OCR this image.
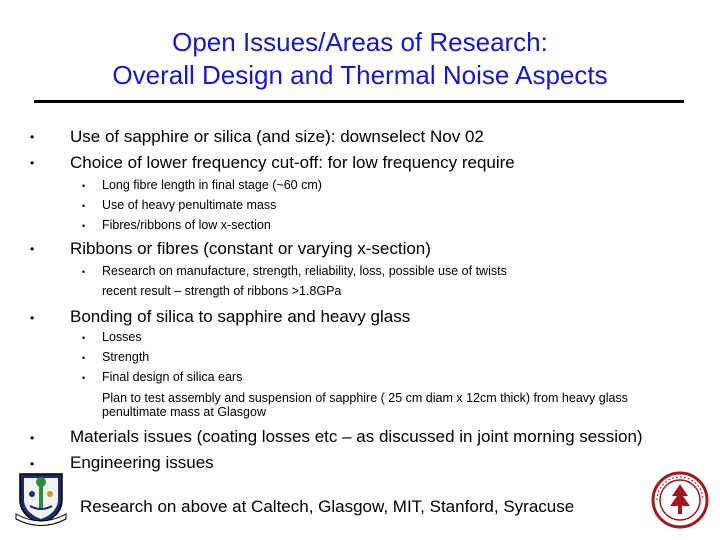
Open Issues/Areas of Research:
Overall Design and Thermal Noise Aspects
• Use of sapphire or silica (and size): downselect Nov 02
• Choice of lower frequency cut-off: for low frequency require
• Long fibre length in final stage (~60 cm)
• Use of heavy penultimate mass
• Fibres/ribbons of low x-section
• Ribbons or fibres (constant or varying x-section)
• Research on manufacture, strength, reliability, loss, possible use of twists
recent result – strength of ribbons >1.8GPa
• Bonding of silica to sapphire and heavy glass
• Losses
• Strength
• Final design of silica ears
Plan to test assembly and suspension of sapphire ( 25 cm diam x 12cm thick) from heavy glass penultimate mass at Glasgow
• Materials issues (coating losses etc – as discussed in joint morning session)
• Engineering issues
Research on above at Caltech, Glasgow, MIT, Stanford, Syracuse
